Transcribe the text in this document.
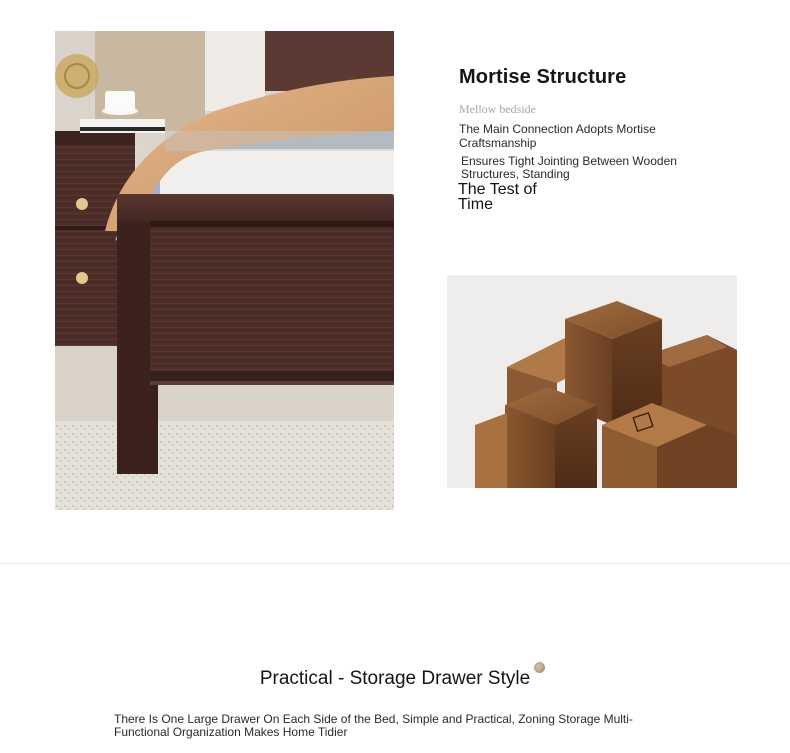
Mortise Structure
Mellow bedside
The Main Connection Adopts Mortise Craftsmanship
Ensures Tight Jointing Between Wooden Structures, Standing
The Test of Time
Practical - Storage Drawer Style
There Is One Large Drawer On Each Side of the Bed, Simple and Practical, Zoning Storage Multi-Functional Organization Makes Home Tidier
